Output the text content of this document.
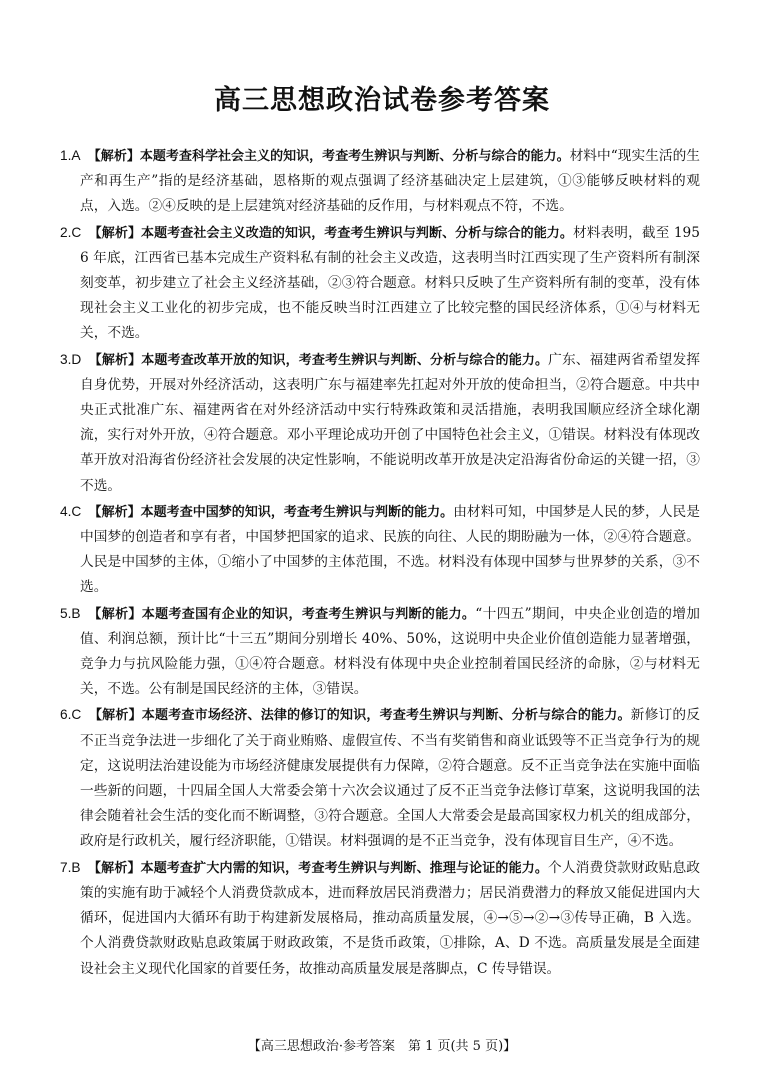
高三思想政治试卷参考答案

1.A　 【解析】本题考查科学社会主义的知识，考查考生辨识与判断、分析与综合的能力。材料中“现实生活的生产和再生产”指的是经济基础，恩格斯的观点强调了经济基础决定上层建筑，①③能够反映材料的观点，入选。②④反映的是上层建筑对经济基础的反作用，与材料观点不符，不选。

2.C　 【解析】本题考查社会主义改造的知识，考查考生辨识与判断、分析与综合的能力。材料表明，截至 1956 年底，江西省已基本完成生产资料私有制的社会主义改造，这表明当时江西实现了生产资料所有制深刻变革，初步建立了社会主义经济基础，②③符合题意。材料只反映了生产资料所有制的变革，没有体现社会主义工业化的初步完成，也不能反映当时江西建立了比较完整的国民经济体系，①④与材料无关，不选。

3.D　 【解析】本题考查改革开放的知识，考查考生辨识与判断、分析与综合的能力。广东、福建两省希望发挥自身优势，开展对外经济活动，这表明广东与福建率先扛起对外开放的使命担当，②符合题意。中共中央正式批准广东、福建两省在对外经济活动中实行特殊政策和灵活措施，表明我国顺应经济全球化潮流，实行对外开放，④符合题意。邓小平理论成功开创了中国特色社会主义，①错误。材料没有体现改革开放对沿海省份经济社会发展的决定性影响，不能说明改革开放是决定沿海省份命运的关键一招，③不选。

4.C　 【解析】本题考查中国梦的知识，考查考生辨识与判断的能力。由材料可知，中国梦是人民的梦，人民是中国梦的创造者和享有者，中国梦把国家的追求、民族的向往、人民的期盼融为一体，②④符合题意。人民是中国梦的主体，①缩小了中国梦的主体范围，不选。材料没有体现中国梦与世界梦的关系，③不选。

5.B　 【解析】本题考查国有企业的知识，考查考生辨识与判断的能力。“十四五”期间，中央企业创造的增加值、利润总额，预计比“十三五”期间分别增长 40%、50%，这说明中央企业价值创造能力显著增强，竞争力与抗风险能力强，①④符合题意。材料没有体现中央企业控制着国民经济的命脉，②与材料无关，不选。公有制是国民经济的主体，③错误。

6.C　 【解析】本题考查市场经济、法律的修订的知识，考查考生辨识与判断、分析与综合的能力。新修订的反不正当竞争法进一步细化了关于商业贿赂、虚假宣传、不当有奖销售和商业诋毁等不正当竞争行为的规定，这说明法治建设能为市场经济健康发展提供有力保障，②符合题意。反不正当竞争法在实施中面临一些新的问题，十四届全国人大常委会第十六次会议通过了反不正当竞争法修订草案，这说明我国的法律会随着社会生活的变化而不断调整，③符合题意。全国人大常委会是最高国家权力机关的组成部分，政府是行政机关，履行经济职能，①错误。材料强调的是不正当竞争，没有体现盲目生产，④不选。

7.B　 【解析】本题考查扩大内需的知识，考查考生辨识与判断、推理与论证的能力。个人消费贷款财政贴息政策的实施有助于减轻个人消费贷款成本，进而释放居民消费潜力；居民消费潜力的释放又能促进国内大循环，促进国内大循环有助于构建新发展格局，推动高质量发展，④→⑤→②→③传导正确，B 入选。个人消费贷款财政贴息政策属于财政政策，不是货币政策，①排除，A、D 不选。高质量发展是全面建设社会主义现代化国家的首要任务，故推动高质量发展是落脚点，C 传导错误。

【高三思想政治·参考答案　第 1 页(共 5 页)】
